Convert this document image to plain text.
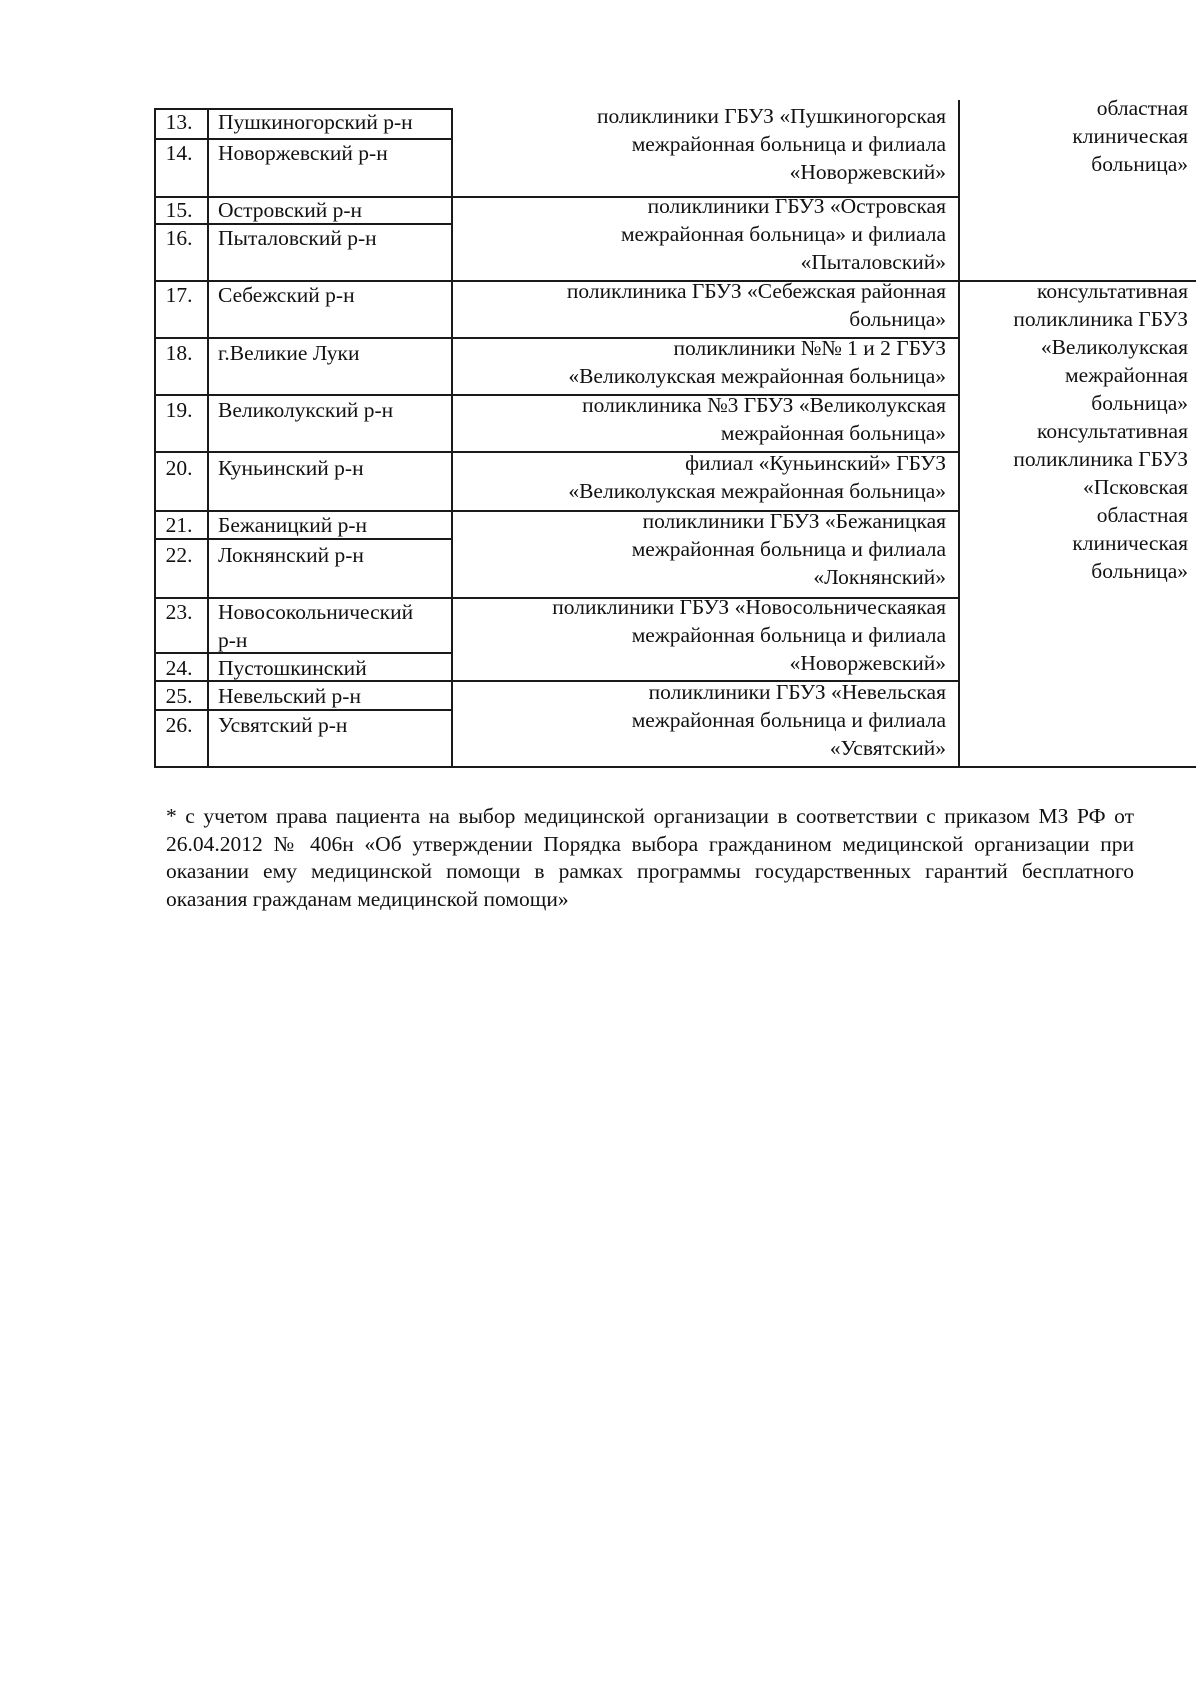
13.
14.
15.
16.
17.
18.
19.
20.
21.
22.
23.
24.
25.
26.
Пушкиногорский р-н
Новоржевский р-н
Островский р-н
Пыталовский р-н
Себежский р-н
г.Великие Луки
Великолукский р-н
Куньинский р-н
Бежаницкий р-н
Локнянский р-н
Новосокольнический
р-н
Пустошкинский
Невельский р-н
Усвятский р-н
поликлиники ГБУЗ «Пушкиногорская
межрайонная больница и филиала
«Новоржевский»
поликлиники ГБУЗ «Островская
межрайонная больница» и филиала
«Пыталовский»
поликлиника ГБУЗ «Себежская районная
больница»
поликлиники №№ 1 и 2 ГБУЗ
«Великолукская межрайонная больница»
поликлиника №3 ГБУЗ «Великолукская
межрайонная больница»
филиал «Куньинский» ГБУЗ
«Великолукская межрайонная больница»
поликлиники ГБУЗ «Бежаницкая
межрайонная больница и филиала
«Локнянский»
поликлиники ГБУЗ «Новосольническаякая
межрайонная больница и филиала
«Новоржевский»
поликлиники ГБУЗ «Невельская
межрайонная больница и филиала
«Усвятский»
областная
клиническая
больница»
консультативная
поликлиника ГБУЗ
«Великолукская
межрайонная
больница»
консультативная
поликлиника ГБУЗ
«Псковская
областная
клиническая
больница»
* с учетом права пациента на выбор медицинской организации в соответствии с приказом МЗ РФ от 26.04.2012 № 406н «Об утверждении Порядка выбора гражданином медицинской организации при оказании ему медицинской помощи в рамках программы государственных гарантий бесплатного оказания гражданам медицинской помощи»
